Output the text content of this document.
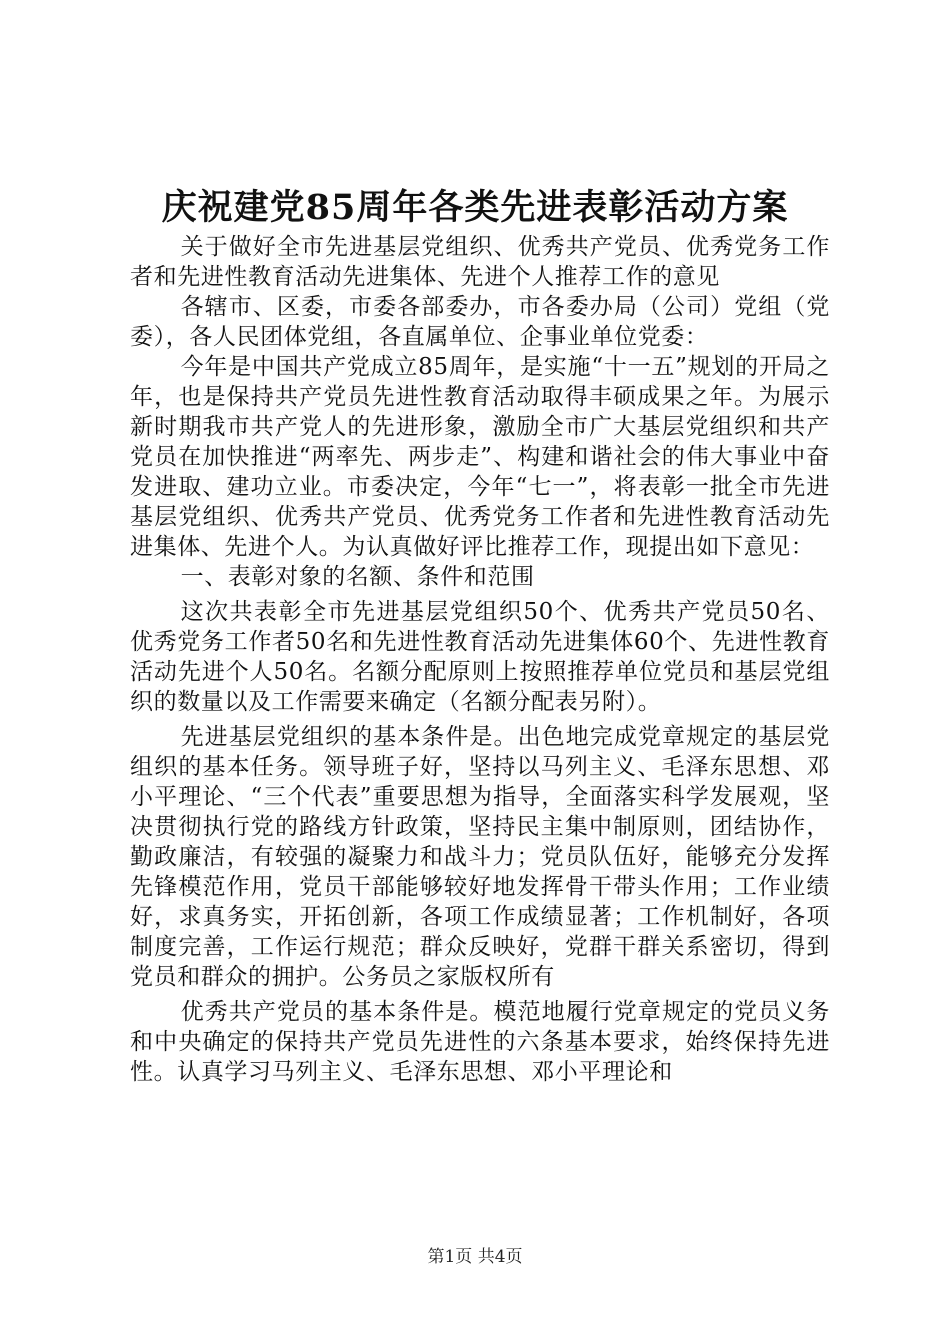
庆祝建党85周年各类先进表彰活动方案

关于做好全市先进基层党组织、优秀共产党员、优秀党务工作者和先进性教育活动先进集体、先进个人推荐工作的意见

各辖市、区委，市委各部委办，市各委办局（公司）党组（党委），各人民团体党组，各直属单位、企事业单位党委：

今年是中国共产党成立85周年，是实施“十一五”规划的开局之年，也是保持共产党员先进性教育活动取得丰硕成果之年。为展示新时期我市共产党人的先进形象，激励全市广大基层党组织和共产党员在加快推进“两率先、两步走”、构建和谐社会的伟大事业中奋发进取、建功立业。市委决定，今年“七一”，将表彰一批全市先进基层党组织、优秀共产党员、优秀党务工作者和先进性教育活动先进集体、先进个人。为认真做好评比推荐工作，现提出如下意见：

一、表彰对象的名额、条件和范围

这次共表彰全市先进基层党组织50个、优秀共产党员50名、优秀党务工作者50名和先进性教育活动先进集体60个、先进性教育活动先进个人50名。名额分配原则上按照推荐单位党员和基层党组织的数量以及工作需要来确定（名额分配表另附）。

先进基层党组织的基本条件是。出色地完成党章规定的基层党组织的基本任务。领导班子好，坚持以马列主义、毛泽东思想、邓小平理论、“三个代表”重要思想为指导，全面落实科学发展观，坚决贯彻执行党的路线方针政策，坚持民主集中制原则，团结协作，勤政廉洁，有较强的凝聚力和战斗力；党员队伍好，能够充分发挥先锋模范作用，党员干部能够较好地发挥骨干带头作用；工作业绩好，求真务实，开拓创新，各项工作成绩显著；工作机制好，各项制度完善，工作运行规范；群众反映好，党群干群关系密切，得到党员和群众的拥护。公务员之家版权所有

优秀共产党员的基本条件是。模范地履行党章规定的党员义务和中央确定的保持共产党员先进性的六条基本要求，始终保持先进性。认真学习马列主义、毛泽东思想、邓小平理论和

第1页 共4页
